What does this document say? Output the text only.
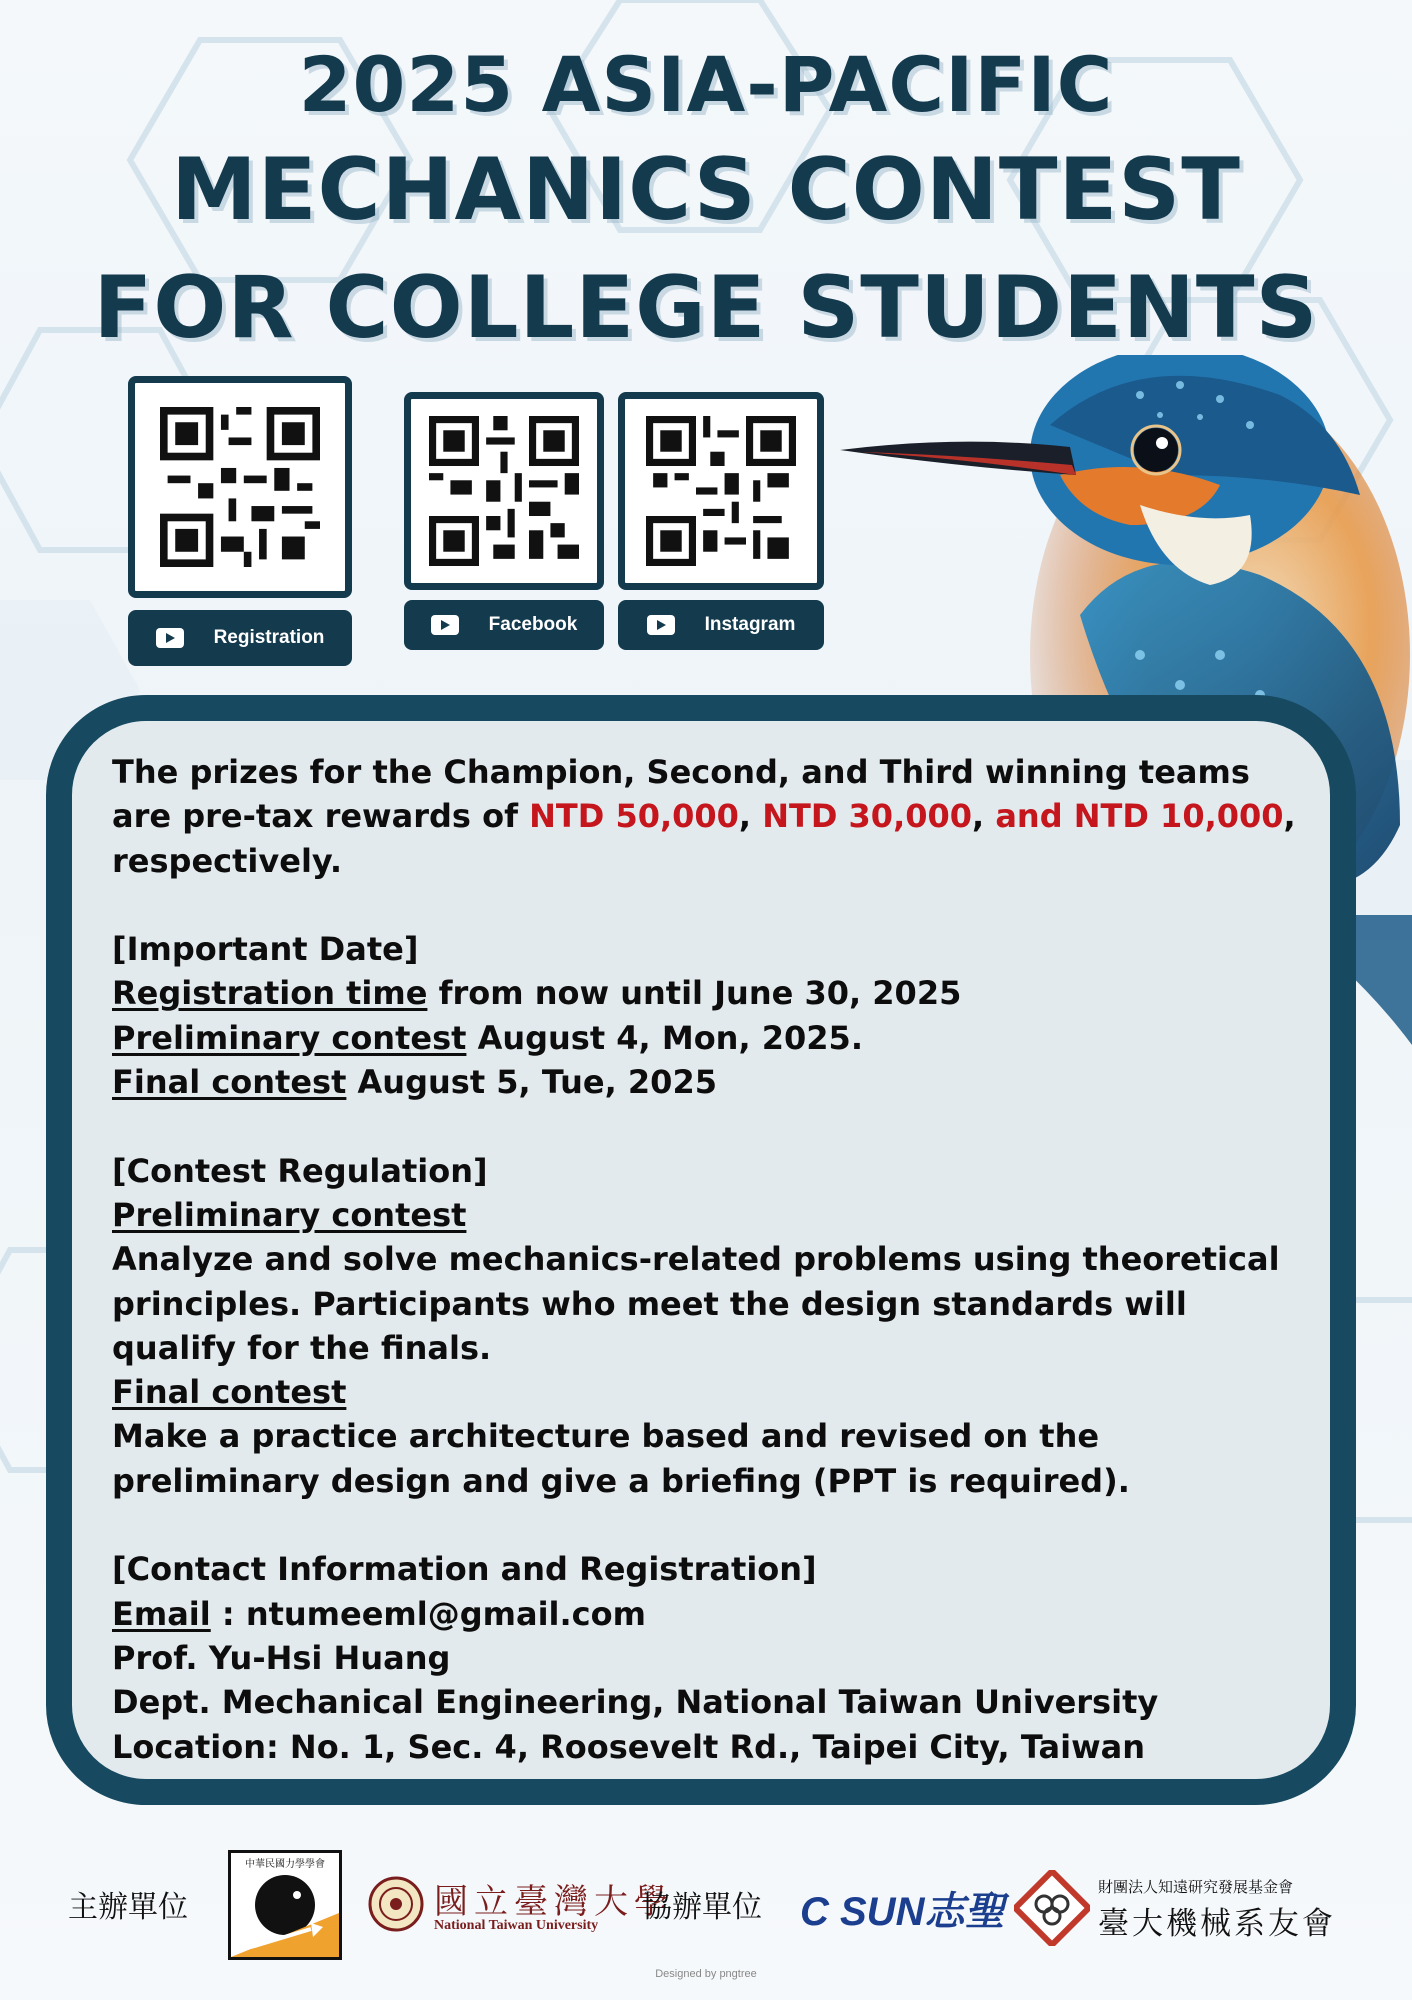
2025 ASIA-PACIFIC
MECHANICS CONTEST
FOR COLLEGE STUDENTS
Registration
Facebook	Instagram

The prizes for the Champion, Second, and Third winning teams are pre-tax rewards of NTD 50,000, NTD 30,000, and NTD 10,000, respectively.

[Important Date]

Registration time from now until June 30, 2025

Preliminary contest August 4, Mon, 2025.

Final contest August 5, Tue, 2025

[Contest Regulation]

Preliminary contest

Analyze and solve mechanics-related problems using theoretical principles. Participants who meet the design standards will qualify for the finals.

Final contest

Make a practice architecture based and revised on the preliminary design and give a briefing (PPT is required).

[Contact Information and Registration]

Email : ntumeeml@gmail.com

Prof. Yu-Hsi Huang

Dept. Mechanical Engineering, National Taiwan University

Location: No. 1, Sec. 4, Roosevelt Rd., Taipei City, Taiwan

主辦單位
中華民國力學學會
國立臺灣大學
National Taiwan University
協辦單位 C SUN志聖
財團法人知遠研究發展基金會
臺大機械系友會
Designed by pngtree
